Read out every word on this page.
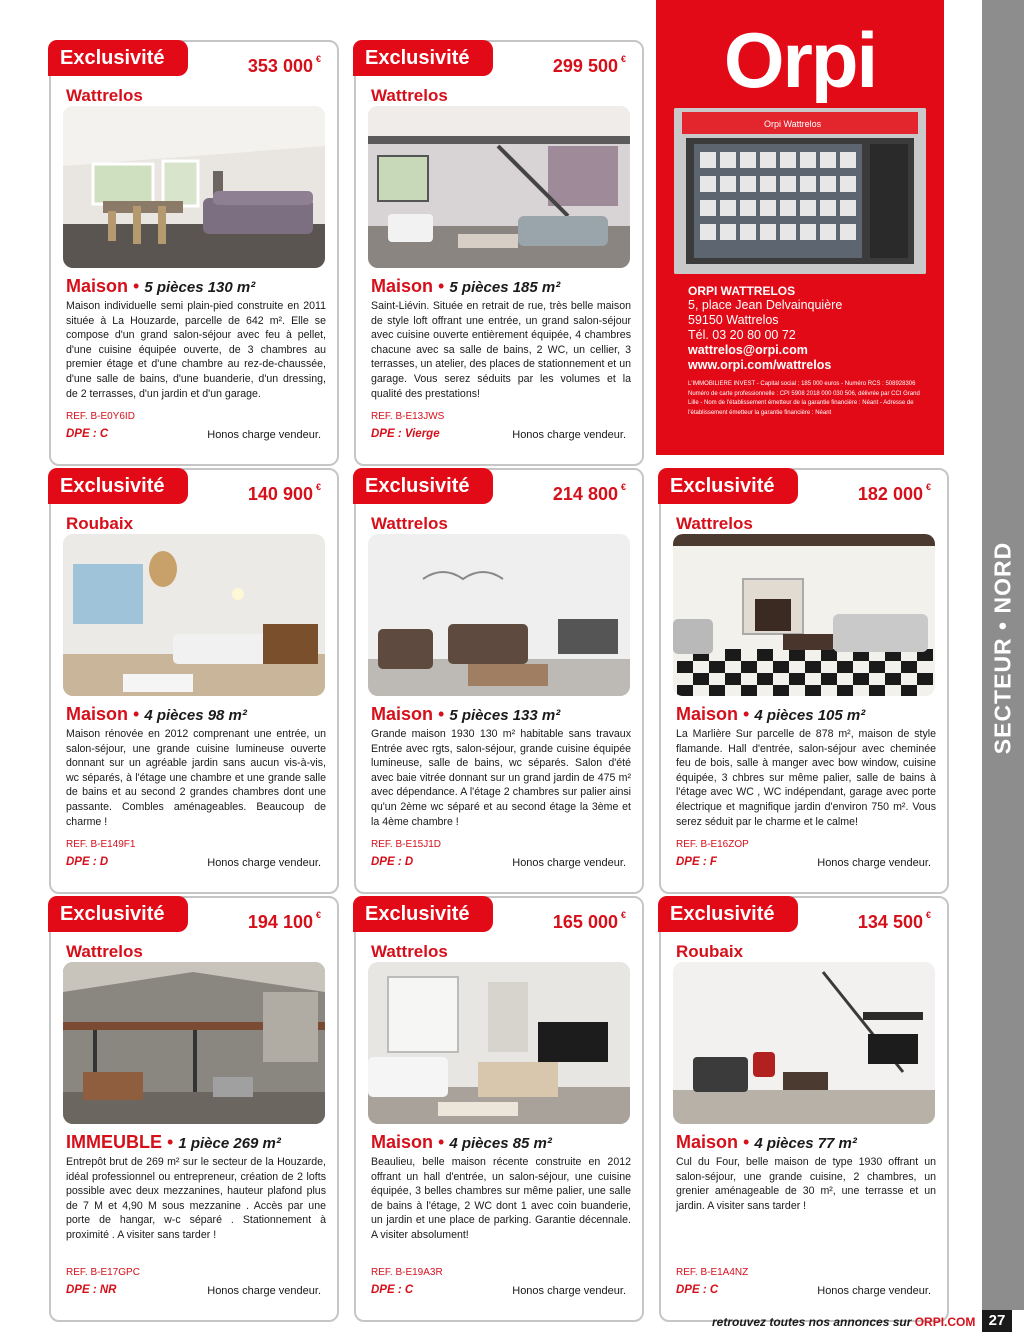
SECTEUR • NORD
Exclusivité	353 000 €
Wattrelos
Maison • 5 pièces 130 m²
Maison individuelle semi plain-pied construite en 2011 située à La Houzarde, parcelle de 642 m². Elle se compose d'un grand salon-séjour avec feu à pellet, d'une cuisine équipée ouverte, de 3 chambres au premier étage et d'une chambre au rez-de-chaussée, d'une salle de bains, d'une buanderie, d'un dressing, de 2 terrasses, d'un jardin et d'un garage.
REF. B-E0Y6ID
DPE : C	Honos charge vendeur.
Exclusivité	299 500 €
Wattrelos
Maison • 5 pièces 185 m²
Saint-Liévin. Située en retrait de rue, très belle maison de style loft offrant une entrée, un grand salon-séjour avec cuisine ouverte entièrement équipée, 4 chambres chacune avec sa salle de bains, 2 WC, un cellier, 3 terrasses, un atelier, des places de stationnement et un garage. Vous serez séduits par les volumes et la qualité des prestations!
REF. B-E13JWS
DPE : Vierge	Honos charge vendeur.
Orpi
Orpi Wattrelos
ORPI WATTRELOS
5, place Jean Delvainquière
59150 Wattrelos
Tél. 03 20 80 00 72
wattrelos@orpi.com
www.orpi.com/wattrelos
L'IMMOBILIERE INVEST - Capital social : 185 000 euros - Numéro RCS : 508928306 Numéro de carte professionnelle : CPI 5908 2018 000 030 506, délivrée par CCI Grand Lille - Nom de l'établissement émetteur de la garantie financière : Néant - Adresse de l'établissement émetteur la garantie financière : Néant
Exclusivité	140 900 €
Roubaix
Maison • 4 pièces 98 m²
Maison rénovée en 2012 comprenant une entrée, un salon-séjour, une grande cuisine lumineuse ouverte donnant sur un agréable jardin sans aucun vis-à-vis, wc séparés, à l'étage une chambre et une grande salle de bains et au second 2 grandes chambres dont une passante. Combles aménageables. Beaucoup de charme !
REF. B-E149F1
DPE : D	Honos charge vendeur.
Exclusivité	214 800 €
Wattrelos
Maison • 5 pièces 133 m²
Grande maison 1930 130 m² habitable sans travaux Entrée avec rgts, salon-séjour, grande cuisine équipée lumineuse, salle de bains, wc séparés. Salon d'été avec baie vitrée donnant sur un grand jardin de 475 m² avec dépendance. A l'étage 2 chambres sur palier ainsi qu'un 2ème wc séparé et au second étage la 3ème et la 4ème chambre !
REF. B-E15J1D
DPE : D	Honos charge vendeur.
Exclusivité	182 000 €
Wattrelos
Maison • 4 pièces 105 m²
La Marlière Sur parcelle de 878 m², maison de style flamande. Hall d'entrée, salon-séjour avec cheminée feu de bois, salle à manger avec bow window, cuisine équipée, 3 chbres sur même palier, salle de bains à l'étage avec WC , WC indépendant, garage avec porte électrique et magnifique jardin d'environ 750 m². Vous serez séduit par le charme et le calme!
REF. B-E16ZOP
DPE : F	Honos charge vendeur.
Exclusivité	194 100 €
Wattrelos
IMMEUBLE • 1 pièce 269 m²
Entrepôt brut de 269 m² sur le secteur de la Houzarde, idéal professionnel ou entrepreneur, création de 2 lofts possible avec deux mezzanines, hauteur plafond plus de 7 M et 4,90 M sous mezzanine . Accès par une porte de hangar, w-c séparé . Stationnement à proximité . A visiter sans tarder !
REF. B-E17GPC
DPE : NR	Honos charge vendeur.
Exclusivité	165 000 €
Wattrelos
Maison • 4 pièces 85 m²
Beaulieu, belle maison récente construite en 2012 offrant un hall d'entrée, un salon-séjour, une cuisine équipée, 3 belles chambres sur même palier, une salle de bains à l'étage, 2 WC dont 1 avec coin buanderie, un jardin et une place de parking. Garantie décennale. A visiter absolument!
REF. B-E19A3R
DPE : C	Honos charge vendeur.
Exclusivité	134 500 €
Roubaix
Maison • 4 pièces 77 m²
Cul du Four, belle maison de type 1930 offrant un salon-séjour, une grande cuisine, 2 chambres, un grenier aménageable de 30 m², une terrasse et un jardin. A visiter sans tarder !
REF. B-E1A4NZ
DPE : C	Honos charge vendeur.
retrouvez toutes nos annonces sur ORPI.COM 27
